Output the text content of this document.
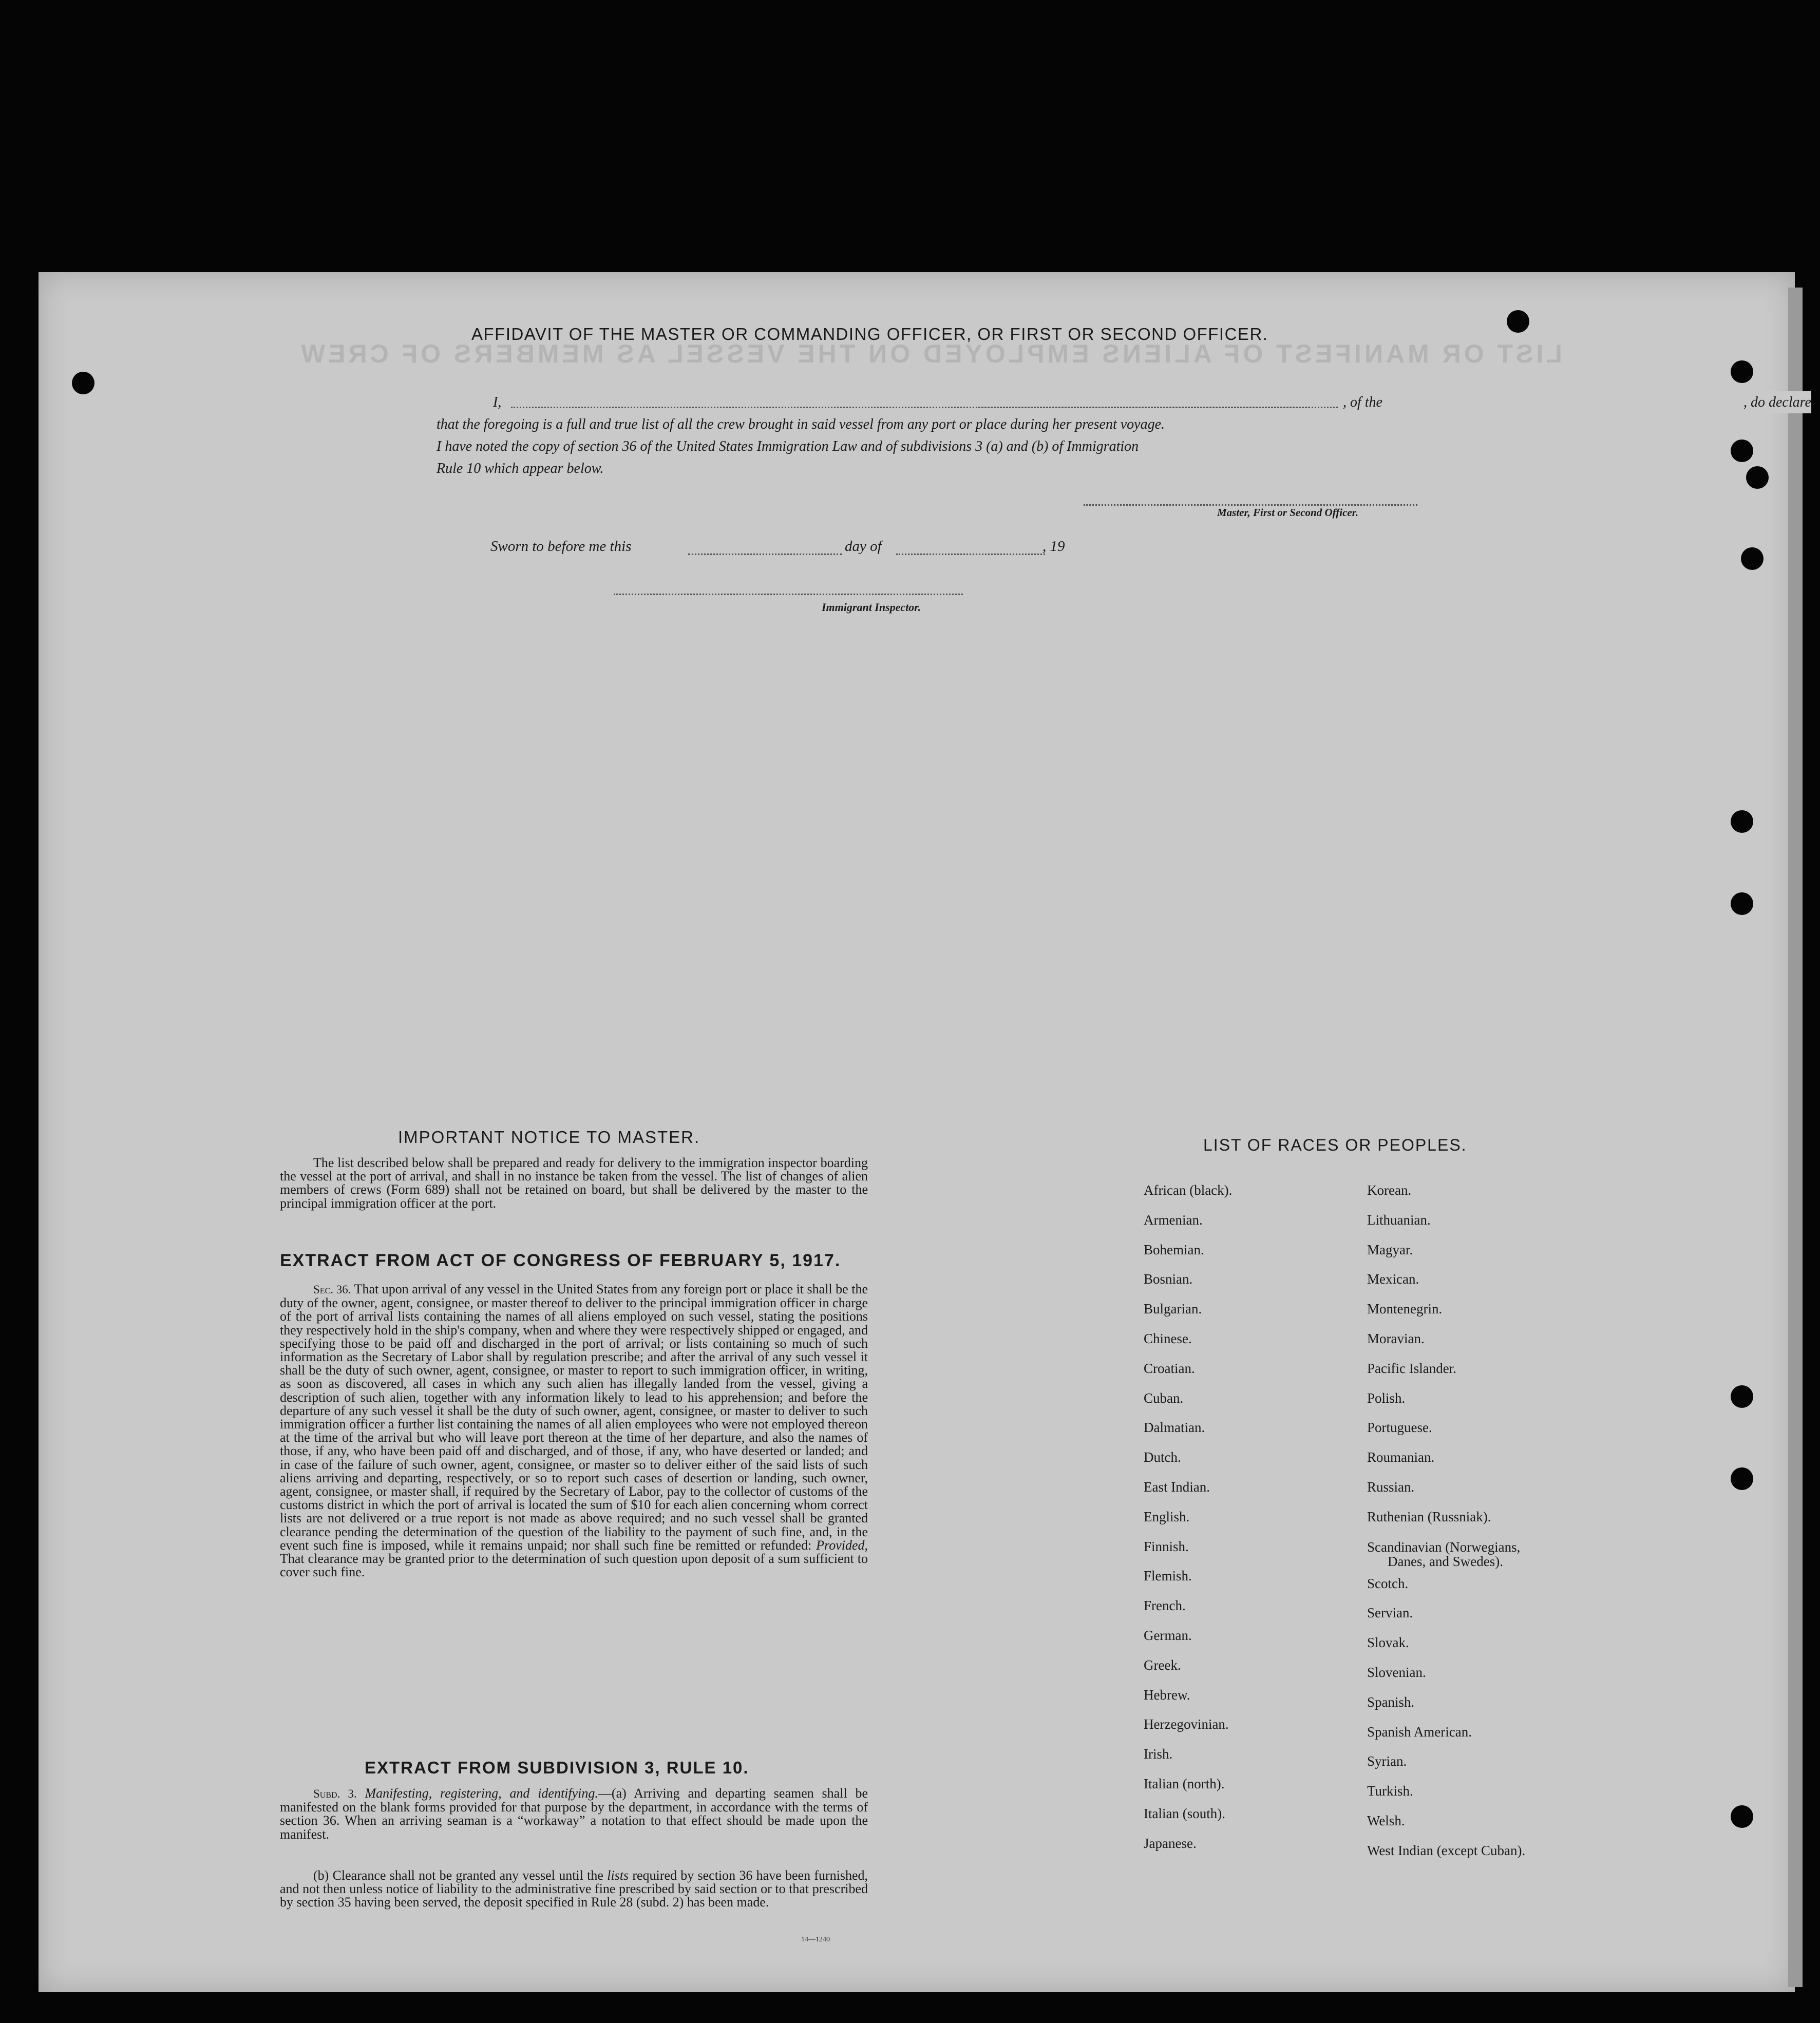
LIST OR MANIFEST OF ALIENS EMPLOYED ON THE VESSEL AS MEMBERS OF CREW
AFFIDAVIT OF THE MASTER OR COMMANDING OFFICER, OR FIRST OR SECOND OFFICER.
I,	, of the	, do declare
that the foregoing is a full and true list of all the crew brought in said vessel from any port or place during her present voyage.
I have noted the copy of section 36 of the United States Immigration Law and of subdivisions 3 (a) and (b) of Immigration
Rule 10 which appear below.
Master, First or Second Officer.
Sworn to before me this	day of	, 19
Immigrant Inspector.
IMPORTANT NOTICE TO MASTER.
The list described below shall be prepared and ready for delivery to the immigration inspector boarding the vessel at the port of arrival, and shall in no instance be taken from the vessel. The list of changes of alien members of crews (Form 689) shall not be retained on board, but shall be delivered by the master to the principal immigration officer at the port.
EXTRACT FROM ACT OF CONGRESS OF FEBRUARY 5, 1917.
Sec. 36. That upon arrival of any vessel in the United States from any foreign port or place it shall be the duty of the owner, agent, consignee, or master thereof to deliver to the principal immigration officer in charge of the port of arrival lists containing the names of all aliens employed on such vessel, stating the positions they respectively hold in the ship's company, when and where they were respectively shipped or engaged, and specifying those to be paid off and discharged in the port of arrival; or lists containing so much of such information as the Secretary of Labor shall by regulation prescribe; and after the arrival of any such vessel it shall be the duty of such owner, agent, consignee, or master to report to such immigration officer, in writing, as soon as discovered, all cases in which any such alien has illegally landed from the vessel, giving a description of such alien, together with any information likely to lead to his apprehension; and before the departure of any such vessel it shall be the duty of such owner, agent, consignee, or master to deliver to such immigration officer a further list containing the names of all alien employees who were not employed thereon at the time of the arrival but who will leave port thereon at the time of her departure, and also the names of those, if any, who have been paid off and discharged, and of those, if any, who have deserted or landed; and in case of the failure of such owner, agent, consignee, or master so to deliver either of the said lists of such aliens arriving and departing, respectively, or so to report such cases of desertion or landing, such owner, agent, consignee, or master shall, if required by the Secretary of Labor, pay to the collector of customs of the customs district in which the port of arrival is located the sum of $10 for each alien concerning whom correct lists are not delivered or a true report is not made as above required; and no such vessel shall be granted clearance pending the determination of the question of the liability to the payment of such fine, and, in the event such fine is imposed, while it remains unpaid; nor shall such fine be remitted or refunded: Provided, That clearance may be granted prior to the determination of such question upon deposit of a sum sufficient to cover such fine.
EXTRACT FROM SUBDIVISION 3, RULE 10.
Subd. 3. Manifesting, registering, and identifying.—(a) Arriving and departing seamen shall be manifested on the blank forms provided for that purpose by the department, in accordance with the terms of section 36. When an arriving seaman is a “workaway” a notation to that effect should be made upon the manifest.
(b) Clearance shall not be granted any vessel until the lists required by section 36 have been furnished, and not then unless notice of liability to the administrative fine prescribed by said section or to that prescribed by section 35 having been served, the deposit specified in Rule 28 (subd. 2) has been made.
14—1240
LIST OF RACES OR PEOPLES.
African (black).
Armenian.
Bohemian.
Bosnian.
Bulgarian.
Chinese.
Croatian.
Cuban.
Dalmatian.
Dutch.
East Indian.
English.
Finnish.
Flemish.
French.
German.
Greek.
Hebrew.
Herzegovinian.
Irish.
Italian (north).
Italian (south).
Japanese.
Korean.
Lithuanian.
Magyar.
Mexican.
Montenegrin.
Moravian.
Pacific Islander.
Polish.
Portuguese.
Roumanian.
Russian.
Ruthenian (Russniak).
Scandinavian (Norwegians,
Danes, and Swedes).
Scotch.
Servian.
Slovak.
Slovenian.
Spanish.
Spanish American.
Syrian.
Turkish.
Welsh.
West Indian (except Cuban).
